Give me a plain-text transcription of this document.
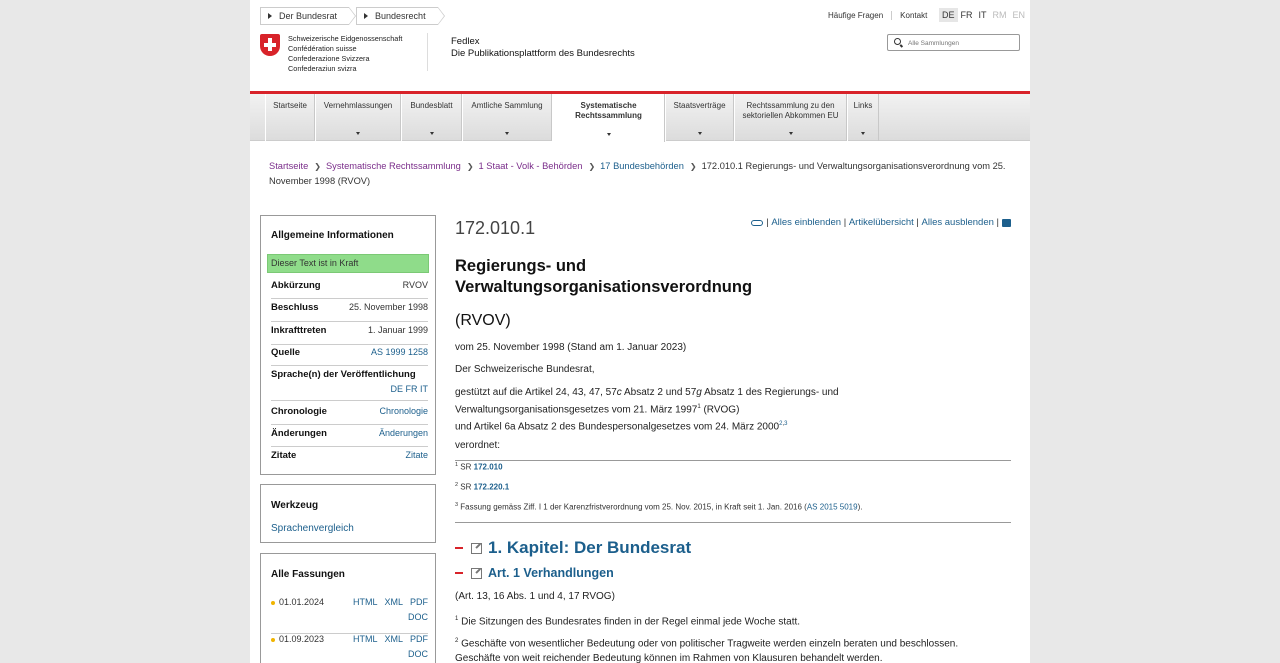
Der Bundesrat	Bundesrecht	Häufige Fragen	Kontakt	DE FR IT RM EN
Schweizerische Eidgenossenschaft
Confédération suisse
Confederazione Svizzera
Confederaziun svizra
Fedlex
Die Publikationsplattform des Bundesrechts
Alle Sammlungen
Startseite	Vernehmlassungen	Bundesblatt	Amtliche Sammlung	Systematische Rechtssammlung
Staatsverträge	Rechtssammlung zu den sektoriellen Abkommen EU
Links
Startseite ❯ Systematische Rechtssammlung ❯ 1 Staat - Volk - Behörden ❯ 17 Bundesbehörden ❯ 172.010.1 Regierungs- und Verwaltungsorganisationsverordnung vom 25. November 1998 (RVOV)
Allgemeine Informationen
Dieser Text ist in Kraft
Abkürzung	RVOV
Beschluss	25. November 1998
Inkrafttreten	1. Januar 1999
Quelle	AS 1999 1258
Sprache(n) der Veröffentlichung
DE FR IT
Chronologie	Chronologie
Änderungen	Änderungen
Zitate	Zitate
Werkzeug
Sprachenvergleich
Alle Fassungen
01.01.2024	HTML XML PDF
DOC
01.09.2023	HTML XML PDF
DOC
172.010.1	| Alles einblenden | Artikelübersicht | Alles ausblenden |
Regierungs- und Verwaltungsorganisationsverordnung
(RVOV)
vom 25. November 1998 (Stand am 1. Januar 2023)
Der Schweizerische Bundesrat,
gestützt auf die Artikel 24, 43, 47, 57c Absatz 2 und 57g Absatz 1 des Regierungs- und
Verwaltungsorganisationsgesetzes vom 21. März 1997$^1$ (RVOG)
und Artikel 6a Absatz 2 des Bundespersonalgesetzes vom 24. März 2000$^{2,3}$
verordnet:
$^1$ SR 172.010
$^2$ SR 172.220.1
$^3$ Fassung gemäss Ziff. I 1 der Karenzfristverordnung vom 25. Nov. 2015, in Kraft seit 1. Jan. 2016 (AS 2015 5019).
1. Kapitel: Der Bundesrat
Art. 1 Verhandlungen
(Art. 13, 16 Abs. 1 und 4, 17 RVOG)
$^1$ Die Sitzungen des Bundesrates finden in der Regel einmal jede Woche statt.
$^2$ Geschäfte von wesentlicher Bedeutung oder von politischer Tragweite werden einzeln beraten und beschlossen.
Geschäfte von weit reichender Bedeutung können im Rahmen von Klausuren behandelt werden.
